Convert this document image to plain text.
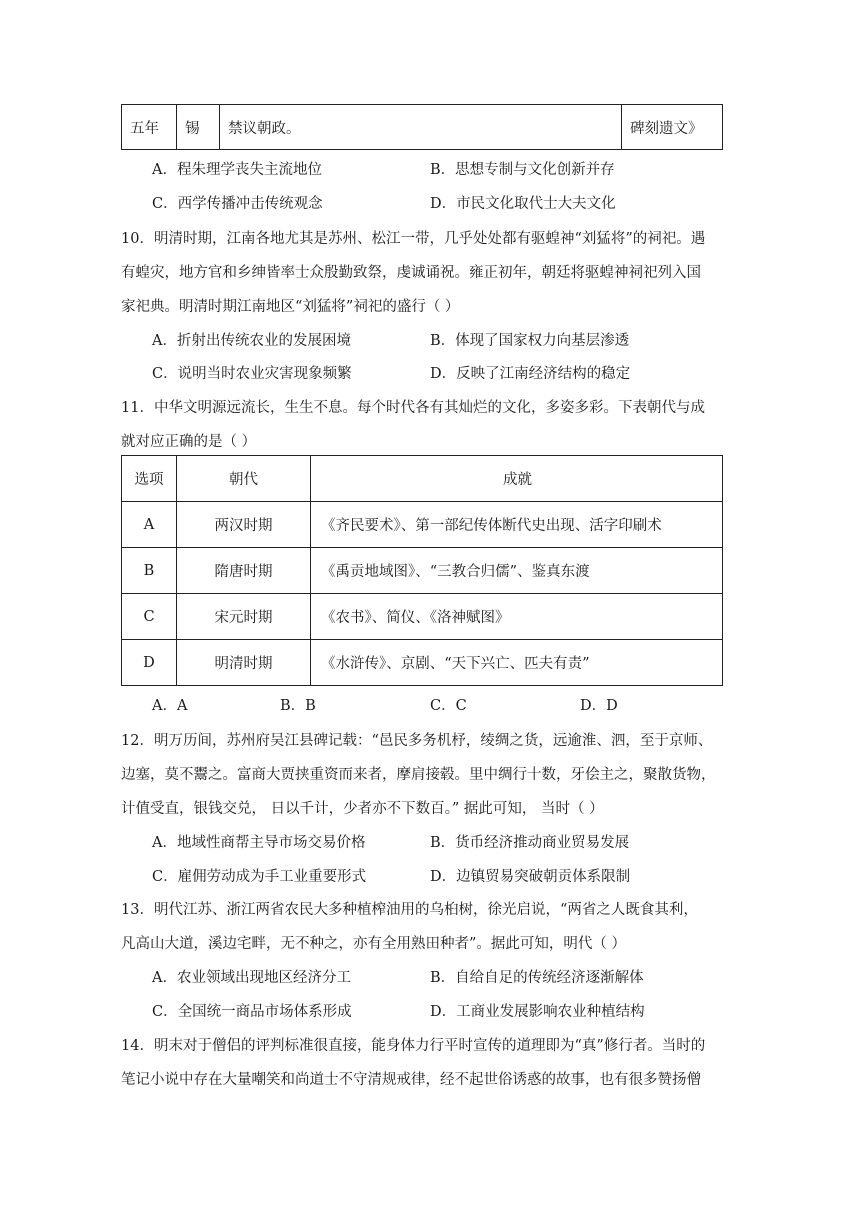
五年	锡	禁议朝政。	碑刻遗文》
A．程朱理学丧失主流地位	B．思想专制与文化创新并存
C．西学传播冲击传统观念	D．市民文化取代士大夫文化
10．明清时期，江南各地尤其是苏州、松江一带，几乎处处都有驱蝗神“刘猛将”的祠祀。遇
有蝗灾，地方官和乡绅皆率士众殷勤致祭，虔诚诵祝。雍正初年，朝廷将驱蝗神祠祀列入国
家祀典。明清时期江南地区“刘猛将”祠祀的盛行（ ）
A．折射出传统农业的发展困境	B．体现了国家权力向基层渗透
C．说明当时农业灾害现象频繁	D．反映了江南经济结构的稳定
11．中华文明源远流长，生生不息。每个时代各有其灿烂的文化，多姿多彩。下表朝代与成
就对应正确的是（ ）
选项	朝代	成就
A	两汉时期	《齐民要术》、第一部纪传体断代史出现、活字印刷术
B	隋唐时期	《禹贡地域图》、“三教合归儒”、鉴真东渡
C	宋元时期	《农书》、简仪、《洛神赋图》
D	明清时期	《水浒传》、京剧、“天下兴亡、匹夫有责”
A．A	B．B	C．C	D．D
12．明万历间，苏州府吴江县碑记载：“邑民多务机杼，绫绸之货，远逾淮、泗，至于京师、
边塞，莫不鬻之。富商大贾挟重资而来者，摩肩接毂。里中绸行十数，牙侩主之，聚散货物，
计值受直，银钱交兑， 日以千计，少者亦不下数百。” 据此可知， 当时（ ）
A．地域性商帮主导市场交易价格	B．货币经济推动商业贸易发展
C．雇佣劳动成为手工业重要形式	D．边镇贸易突破朝贡体系限制
13．明代江苏、浙江两省农民大多种植榨油用的乌桕树，徐光启说，“两省之人既食其利，
凡高山大道，溪边宅畔，无不种之，亦有全用熟田种者”。据此可知，明代（ ）
A．农业领域出现地区经济分工	B．自给自足的传统经济逐渐解体
C．全国统一商品市场体系形成	D．工商业发展影响农业种植结构
14．明末对于僧侣的评判标准很直接，能身体力行平时宣传的道理即为“真”修行者。当时的
笔记小说中存在大量嘲笑和尚道士不守清规戒律，经不起世俗诱惑的故事，也有很多赞扬僧
